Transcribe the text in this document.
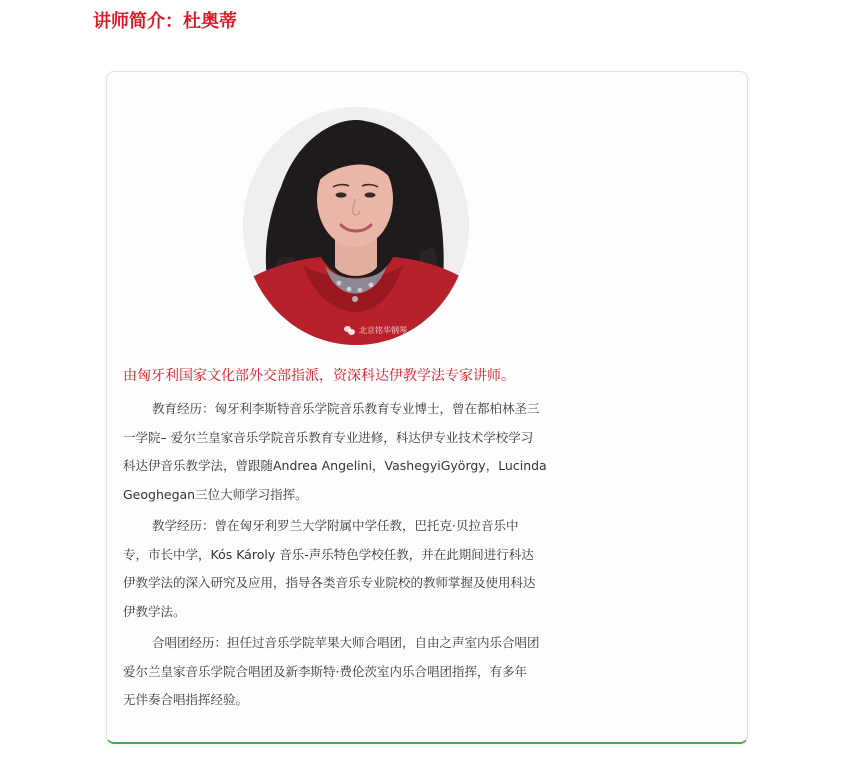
讲师简介：杜奥蒂
北京铭华钢琴

由匈牙利国家文化部外交部指派，资深科达伊教学法专家讲师。

教育经历：匈牙利李斯特音乐学院音乐教育专业博士，曾在都柏林圣三
一学院– 爱尔兰皇家音乐学院音乐教育专业进修，科达伊专业技术学校学习
科达伊音乐教学法，曾跟随Andrea Angelini，VashegyiGyörgy，Lucinda
Geoghegan三位大师学习指挥。
教学经历：曾在匈牙利罗兰大学附属中学任教，巴托克·贝拉音乐中
专，市长中学，Kós Károly 音乐-声乐特色学校任教，并在此期间进行科达
伊教学法的深入研究及应用，指导各类音乐专业院校的教师掌握及使用科达
伊教学法。
合唱团经历：担任过音乐学院苹果大师合唱团，自由之声室内乐合唱团
爱尔兰皇家音乐学院合唱团及新李斯特·费伦茨室内乐合唱团指挥，有多年
无伴奏合唱指挥经验。
